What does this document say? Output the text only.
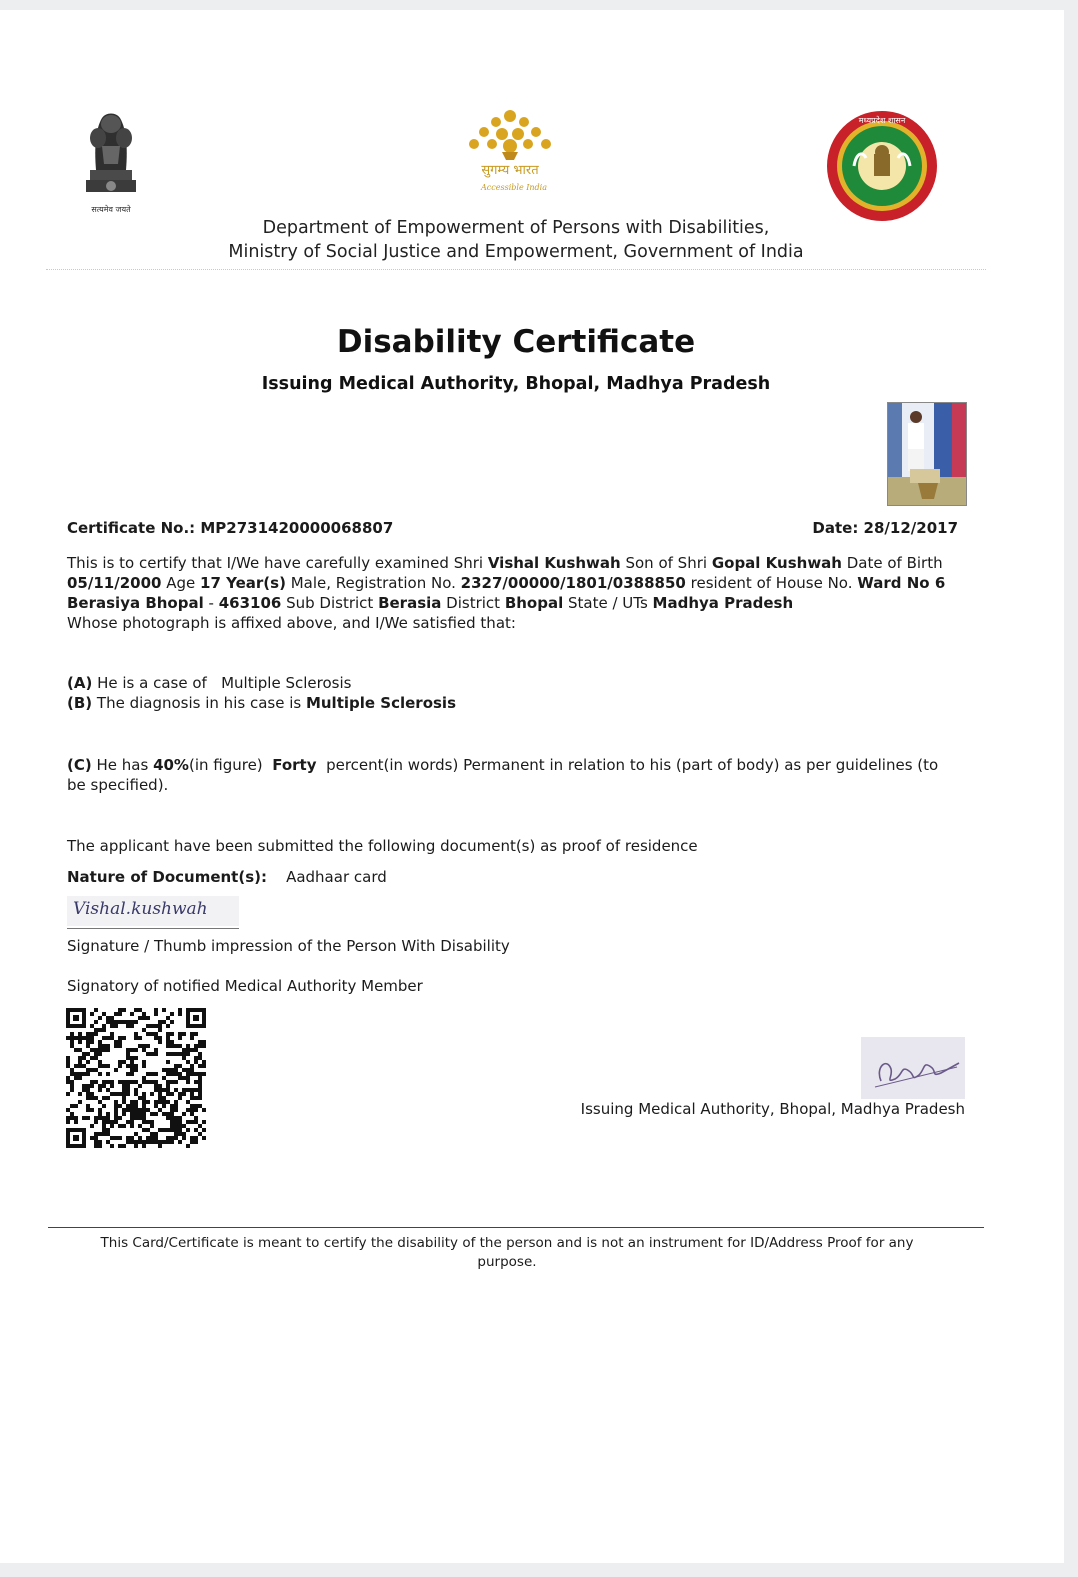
सत्यमेव जयते
सुगम्य भारत
Accessible India
मध्यप्रदेश शासन
Department of Empowerment of Persons with Disabilities,
Ministry of Social Justice and Empowerment, Government of India
Disability Certificate
Issuing Medical Authority, Bhopal, Madhya Pradesh
Certificate No.: MP2731420000068807	Date: 28/12/2017
This is to certify that I/We have carefully examined Shri Vishal Kushwah Son of Shri Gopal Kushwah Date of Birth 05/11/2000 Age 17 Year(s) Male, Registration No. 2327/00000/1801/0388850 resident of House No. Ward No 6 Berasiya Bhopal - 463106 Sub District Berasia District Bhopal State / UTs Madhya Pradesh
Whose photograph is affixed above, and I/We satisfied that:
(A) He is a case of   Multiple Sclerosis
(B) The diagnosis in his case is Multiple Sclerosis
(C) He has 40%(in figure)  Forty  percent(in words) Permanent in relation to his (part of body) as per guidelines (to be specified).
The applicant have been submitted the following document(s) as proof of residence
Nature of Document(s): Aadhaar card
Vishal.kushwah
Signature / Thumb impression of the Person With Disability
Signatory of notified Medical Authority Member
Issuing Medical Authority, Bhopal, Madhya Pradesh
This Card/Certificate is meant to certify the disability of the person and is not an instrument for ID/Address Proof for any purpose.
